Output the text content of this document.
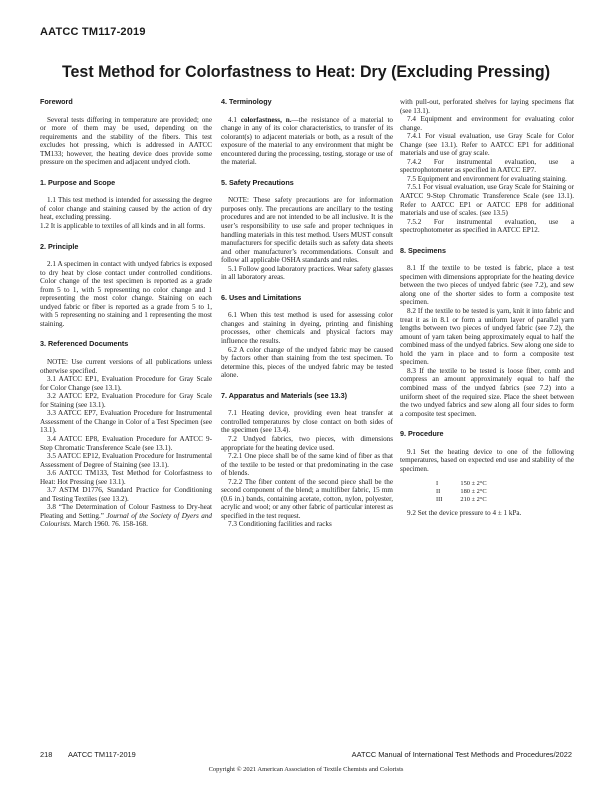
AATCC TM117-2019
Test Method for Colorfastness to Heat: Dry (Excluding Pressing)
Foreword

Several tests differing in temperature are provided; one or more of them may be used, depending on the requirements and the stability of the fibers. This test excludes hot pressing, which is addressed in AATCC TM133; however, the heating device does provide some pressure on the specimen and adjacent undyed cloth.

1. Purpose and Scope

1.1 This test method is intended for assessing the degree of color change and staining caused by the action of dry heat, excluding pressing.

1.2 It is applicable to textiles of all kinds and in all forms.

2. Principle

2.1 A specimen in contact with undyed fabrics is exposed to dry heat by close contact under controlled conditions. Color change of the test specimen is reported as a grade from 5 to 1, with 5 representing no color change and 1 representing the most color change. Staining on each undyed fabric or fiber is reported as a grade from 5 to 1, with 5 representing no staining and 1 representing the most staining.

3. Referenced Documents

NOTE: Use current versions of all publications unless otherwise specified.

3.1 AATCC EP1, Evaluation Procedure for Gray Scale for Color Change (see 13.1).

3.2 AATCC EP2, Evaluation Procedure for Gray Scale for Staining (see 13.1).

3.3 AATCC EP7, Evaluation Procedure for Instrumental Assessment of the Change in Color of a Test Specimen (see 13.1).

3.4 AATCC EP8, Evaluation Procedure for AATCC 9-Step Chromatic Transference Scale (see 13.1).

3.5 AATCC EP12, Evaluation Procedure for Instrumental Assessment of Degree of Staining (see 13.1).

3.6 AATCC TM133, Test Method for Colorfastness to Heat: Hot Pressing (see 13.1).

3.7 ASTM D1776, Standard Practice for Conditioning and Testing Textiles (see 13.2).

3.8 “The Determination of Colour Fastness to Dry-heat Pleating and Setting.” Journal of the Society of Dyers and Colourists. March 1960. 76. 158-168.

4. Terminology

4.1 colorfastness, n.—the resistance of a material to change in any of its color characteristics, to transfer of its colorant(s) to adjacent materials or both, as a result of the exposure of the material to any environment that might be encountered during the processing, testing, storage or use of the material.

5. Safety Precautions

NOTE: These safety precautions are for information purposes only. The precautions are ancillary to the testing procedures and are not intended to be all inclusive. It is the user’s responsibility to use safe and proper techniques in handling materials in this test method. Users MUST consult manufacturers for specific details such as safety data sheets and other manufacturer’s recommendations. Consult and follow all applicable OSHA standards and rules.

5.1 Follow good laboratory practices. Wear safety glasses in all laboratory areas.

6. Uses and Limitations

6.1 When this test method is used for assessing color changes and staining in dyeing, printing and finishing processes, other chemicals and physical factors may influence the results.

6.2 A color change of the undyed fabric may be caused by factors other than staining from the test specimen. To determine this, pieces of the undyed fabric may be tested alone.

7. Apparatus and Materials (see 13.3)

7.1 Heating device, providing even heat transfer at controlled temperatures by close contact on both sides of the specimen (see 13.4).

7.2 Undyed fabrics, two pieces, with dimensions appropriate for the heating device used.

7.2.1 One piece shall be of the same kind of fiber as that of the textile to be tested or that predominating in the case of blends.

7.2.2 The fiber content of the second piece shall be the second component of the blend; a multifiber fabric, 15 mm (0.6 in.) bands, containing acetate, cotton, nylon, polyester, acrylic and wool; or any other fabric of particular interest as specified in the test request.

7.3 Conditioning facilities and racks

with pull-out, perforated shelves for laying specimens flat (see 13.1).

7.4 Equipment and environment for evaluating color change.

7.4.1 For visual evaluation, use Gray Scale for Color Change (see 13.1). Refer to AATCC EP1 for additional materials and use of gray scale.

7.4.2 For instrumental evaluation, use a spectrophotometer as specified in AATCC EP7.

7.5 Equipment and environment for evaluating staining.

7.5.1 For visual evaluation, use Gray Scale for Staining or AATCC 9-Step Chromatic Transference Scale (see 13.1). Refer to AATCC EP1 or AATCC EP8 for additional materials and use of scales. (see 13.5)

7.5.2 For instrumental evaluation, use a spectrophotometer as specified in AATCC EP12.

8. Specimens

8.1 If the textile to be tested is fabric, place a test specimen with dimensions appropriate for the heating device between the two pieces of undyed fabric (see 7.2), and sew along one of the shorter sides to form a composite test specimen.

8.2 If the textile to be tested is yarn, knit it into fabric and treat it as in 8.1 or form a uniform layer of parallel yarn lengths between two pieces of undyed fabric (see 7.2), the amount of yarn taken being approximately equal to half the combined mass of the undyed fabrics. Sew along one side to hold the yarn in place and to form a composite test specimen.

8.3 If the textile to be tested is loose fiber, comb and compress an amount approximately equal to half the combined mass of the undyed fabrics (see 7.2) into a uniform sheet of the required size. Place the sheet between the two undyed fabrics and sew along all four sides to form a composite test specimen.

9. Procedure

9.1 Set the heating device to one of the following temperatures, based on expected end use and stability of the specimen.

I	150 ± 2°C
II	180 ± 2°C
III	210 ± 2°C

9.2 Set the device pressure to 4 ± 1 kPa.

218 AATCC TM117-2019	AATCC Manual of International Test Methods and Procedures/2022
Copyright © 2021 American Association of Textile Chemists and Colorists
